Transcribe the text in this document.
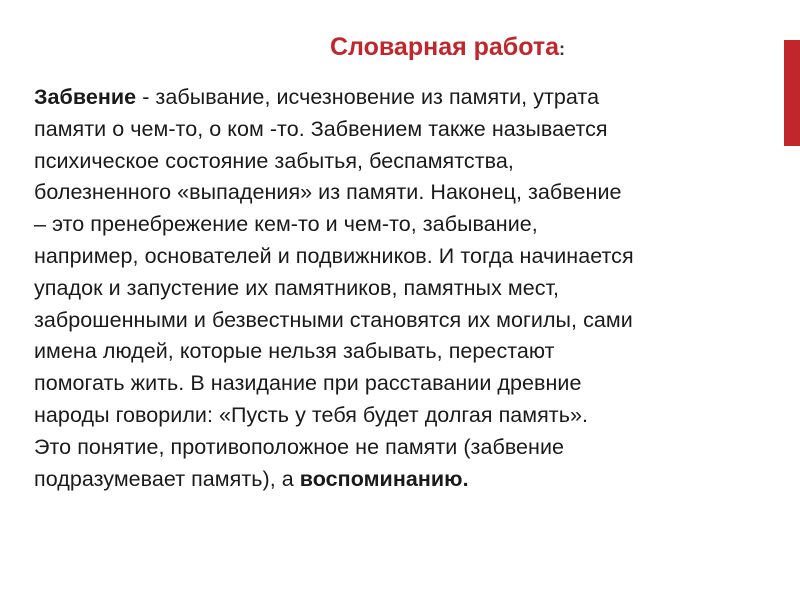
Словарная работа:
Забвение - забывание, исчезновение из памяти, утрата
памяти о чем-то, о ком -то. Забвением также называется
психическое состояние забытья, беспамятства,
болезненного «выпадения» из памяти. Наконец, забвение
– это пренебрежение кем-то и чем-то, забывание,
например, основателей и подвижников. И тогда начинается
упадок и запустение их памятников, памятных мест,
заброшенными и безвестными становятся их могилы, сами
имена людей, которые нельзя забывать, перестают
помогать жить. В назидание при расставании древние
народы говорили: «Пусть у тебя будет долгая память».
Это понятие, противоположное не памяти (забвение
подразумевает память), а воспоминанию.
